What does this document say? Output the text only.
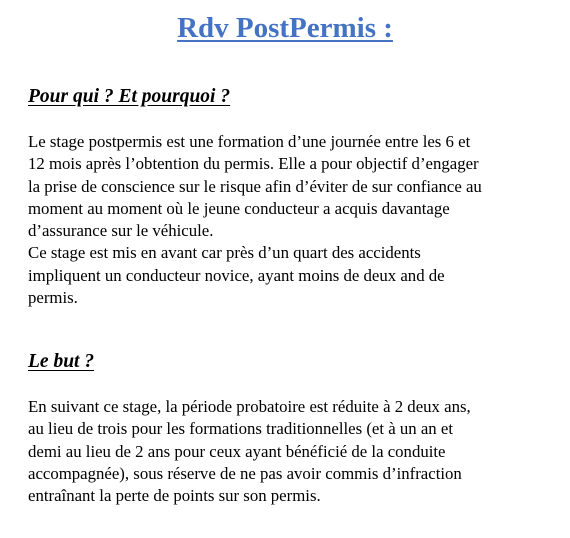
Rdv PostPermis :
Pour qui ? Et pourquoi ?
Le stage postpermis est une formation d’une journée entre les 6 et
12 mois après l’obtention du permis. Elle a pour objectif d’engager
la prise de conscience sur le risque afin d’éviter de sur confiance au
moment au moment où le jeune conducteur a acquis davantage
d’assurance sur le véhicule.
Ce stage est mis en avant car près d’un quart des accidents
impliquent un conducteur novice, ayant moins de deux and de
permis.
Le but ?
En suivant ce stage, la période probatoire est réduite à 2 deux ans,
au lieu de trois pour les formations traditionnelles (et à un an et
demi au lieu de 2 ans pour ceux ayant bénéficié de la conduite
accompagnée), sous réserve de ne pas avoir commis d’infraction
entraînant la perte de points sur son permis.
